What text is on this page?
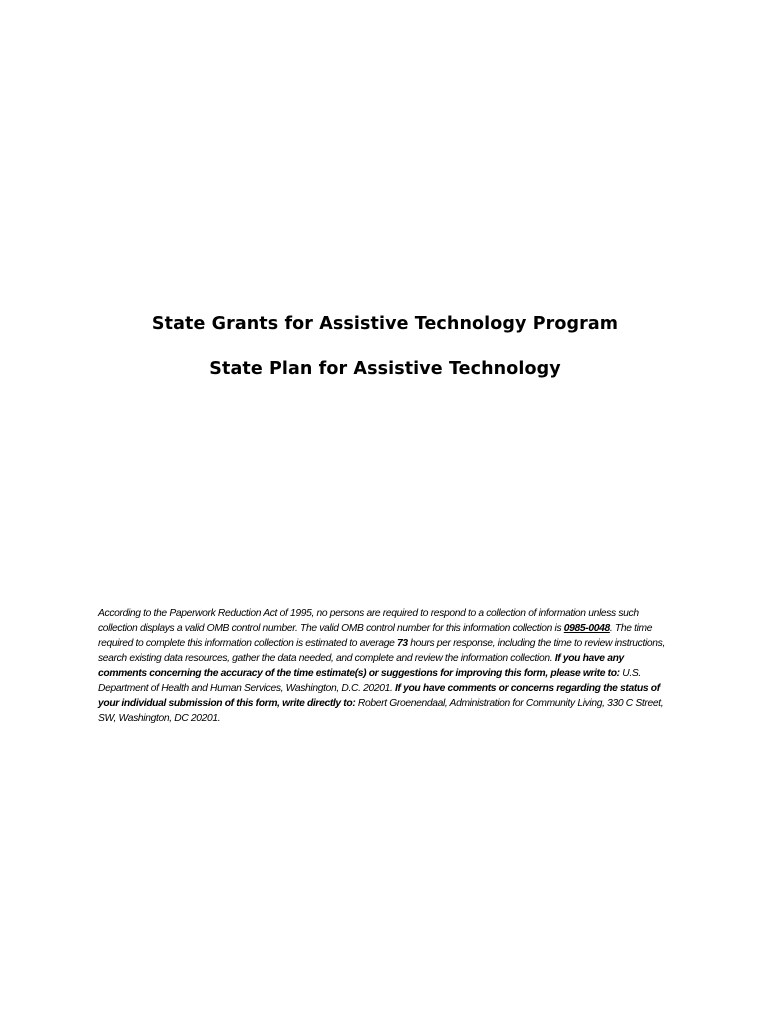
State Grants for Assistive Technology Program
State Plan for Assistive Technology

According to the Paperwork Reduction Act of 1995, no persons are required to respond to a collection of information unless such collection displays a valid OMB control number. The valid OMB control number for this information collection is 0985-0048. The time required to complete this information collection is estimated to average 73 hours per response, including the time to review instructions, search existing data resources, gather the data needed, and complete and review the information collection. If you have any comments concerning the accuracy of the time estimate(s) or suggestions for improving this form, please write to: U.S. Department of Health and Human Services, Washington, D.C. 20201. If you have comments or concerns regarding the status of your individual submission of this form, write directly to: Robert Groenendaal, Administration for Community Living, 330 C Street, SW, Washington, DC 20201.
